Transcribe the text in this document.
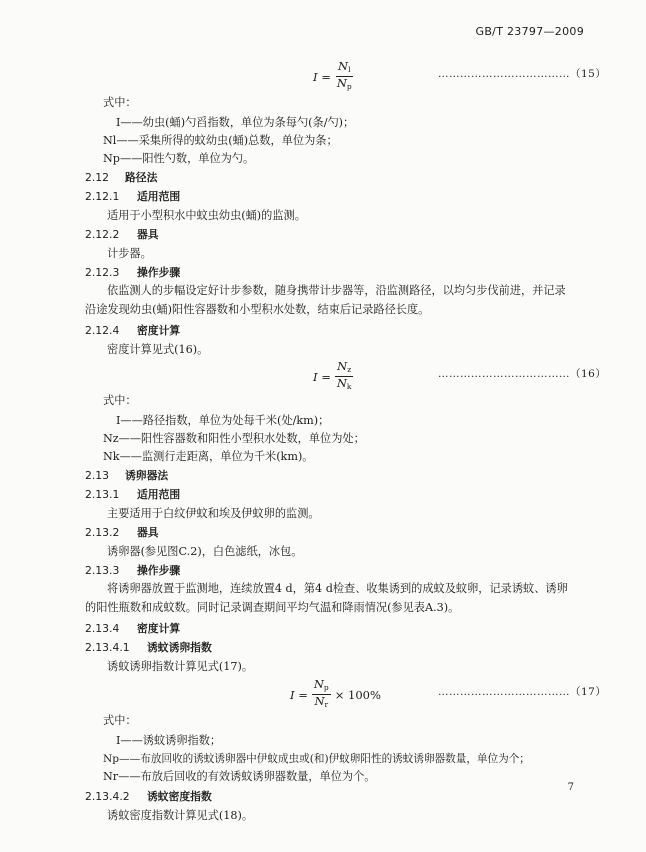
GB/T 23797—2009
$I = \frac{Nl}{Np}$	………………………………（15）
式中：
I——幼虫(蛹)勺舀指数，单位为条每勺(条/勺)；
Nl——采集所得的蚊幼虫(蛹)总数，单位为条；
Np——阳性勺数，单位为勺。
2.12 路径法
2.12.1 适用范围
适用于小型积水中蚊虫幼虫(蛹)的监测。
2.12.2 器具
计步器。
2.12.3 操作步骤
依监测人的步幅设定好计步参数，随身携带计步器等，沿监测路径，以均匀步伐前进，并记录沿途发现幼虫(蛹)阳性容器数和小型积水处数，结束后记录路径长度。
2.12.4 密度计算
密度计算见式(16)。
$I = \frac{Nz}{Nk}$	………………………………（16）
式中：
I——路径指数，单位为处每千米(处/km)；
Nz——阳性容器数和阳性小型积水处数，单位为处；
Nk——监测行走距离，单位为千米(km)。
2.13 诱卵器法
2.13.1 适用范围
主要适用于白纹伊蚊和埃及伊蚊卵的监测。
2.13.2 器具
诱卵器(参见图C.2)，白色滤纸，冰包。
2.13.3 操作步骤
将诱卵器放置于监测地，连续放置4 d，第4 d检查、收集诱到的成蚊及蚊卵，记录诱蚊、诱卵的阳性瓶数和成蚊数。同时记录调查期间平均气温和降雨情况(参见表A.3)。
2.13.4 密度计算
2.13.4.1 诱蚊诱卵指数
诱蚊诱卵指数计算见式(17)。
$I = \frac{Np}{Nr} \times 100\%$	………………………………（17）
式中：
I——诱蚊诱卵指数；
Np——布放回收的诱蚊诱卵器中伊蚊成虫或(和)伊蚊卵阳性的诱蚊诱卵器数量，单位为个；
Nr——布放后回收的有效诱蚊诱卵器数量，单位为个。
2.13.4.2 诱蚊密度指数
诱蚊密度指数计算见式(18)。
7
